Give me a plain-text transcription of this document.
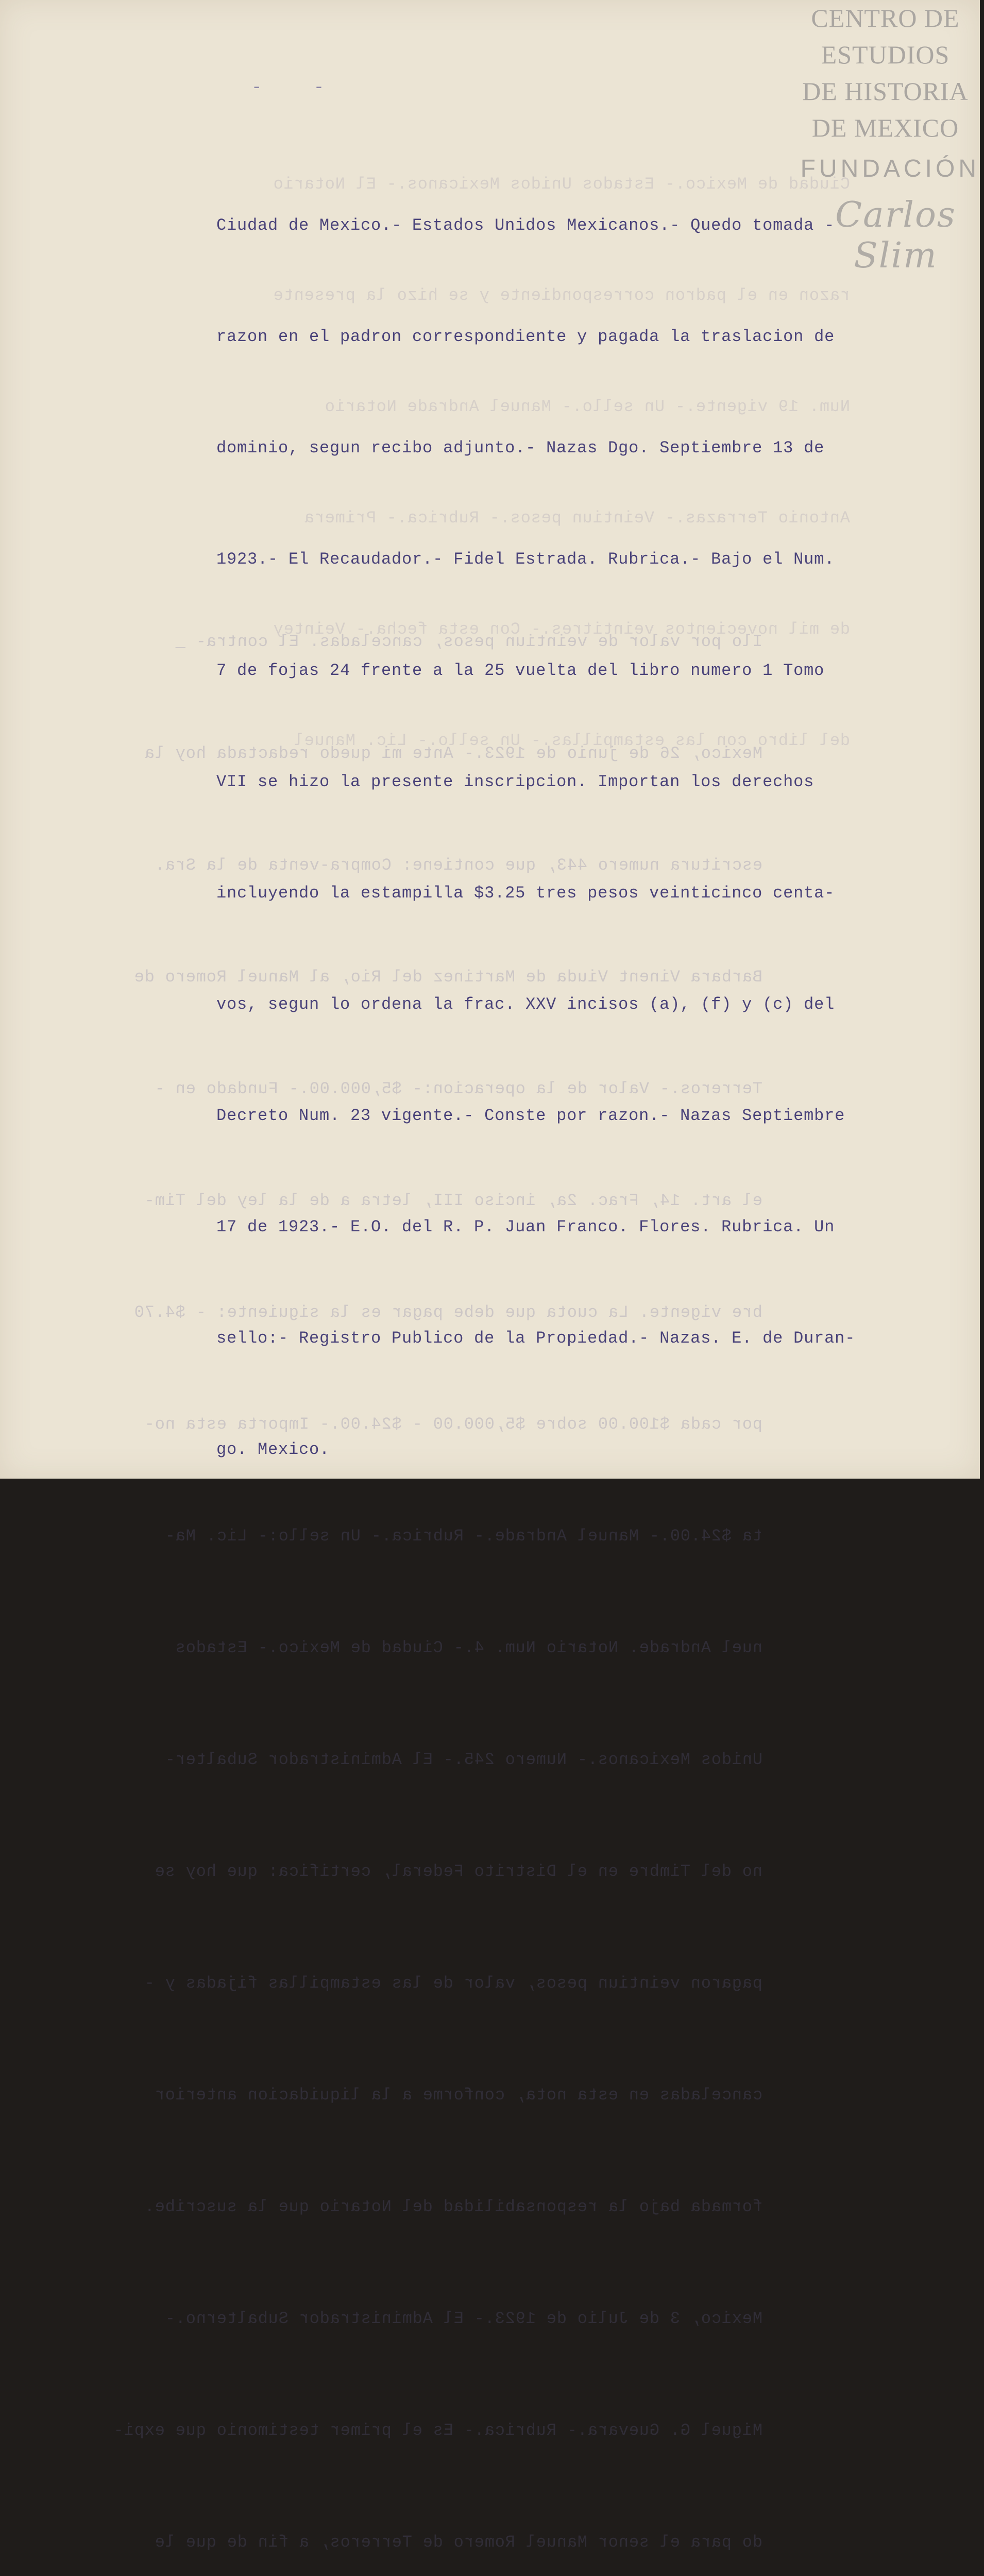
Ciudad de Mexico.- Estados Unidos Mexicanos.- El Notario

razon en el padron correspondiente y se hizo la presente

Num. 19 vigente.- Un sello.- Manuel Andrade Notario

Antonio Terrazas.- Veintiun pesos.- Rubrica.- Primera

de mil novecientos veintitres.- Con esta fecha.- Veintey

del libro con las estampillas.- Un sello.- Lic. Manuel

Ilo por valor de veintiun pesos, canceladas. El contra- _

Mexico, 26 de junio de 1923.- Ante mi quedo redactada hoy la

escritura numero 443, que contiene: Compra-venta de la Sra.

Barbara Vinent Viuda de Martinez del Rio, al Manuel Romero de

Terreros.- Valor de la operacion:- $5,000.00.- Fundado en -

el art. 14, Frac. 2a, inciso III, letra a de la ley del Tim-

bre vigente. La cuota que debe pagar es la siguiente: - $4.70

por cada $100.00 sobre $5,000.00 - $24.00.- Importa esta no-

ta $24.00.- Manuel Andrade.- Rubrica.- Un sello:- Lic. Ma-

nuel Andrade. Notario Num. 4.- Ciudad de Mexico.- Estados

Unidos Mexicanos.- Numero 245.- El Administrador Subalter-

no del Timbre en el Distrito Federal, certifica: que hoy se

pagaron veintiun pesos, valor de las estampillas fijadas y -

canceladas en esta nota, conforme a la liquidacion anterior

formada bajo la responsabilidad del Notario que la suscribe.

Mexico, 3 de Julio de 1923.- El Administrador Subalterno.-

Miguel G. Guevara.- Rubrica.- Es el primer testimonio que expi-

do para el senor Manuel Romero de Terreros, a fin de que le

- -

Ciudad de Mexico.- Estados Unidos Mexicanos.- Quedo tomada -

razon en el padron correspondiente y pagada la traslacion de

dominio, segun recibo adjunto.- Nazas Dgo. Septiembre 13 de

1923.- El Recaudador.- Fidel Estrada. Rubrica.- Bajo el Num.

7 de fojas 24 frente a la 25 vuelta del libro numero 1 Tomo

VII se hizo la presente inscripcion. Importan los derechos

incluyendo la estampilla $3.25 tres pesos veinticinco centa-

vos, segun lo ordena la frac. XXV incisos (a), (f) y (c) del

Decreto Num. 23 vigente.- Conste por razon.- Nazas Septiembre

17 de 1923.- E.O. del R. P. Juan Franco. Flores. Rubrica. Un

sello:- Registro Publico de la Propiedad.- Nazas. E. de Duran-

go. Mexico.

CENTRO DE
ESTUDIOS
DE HISTORIA
DE MEXICO
FUNDACIÓN
Carlos Slim
